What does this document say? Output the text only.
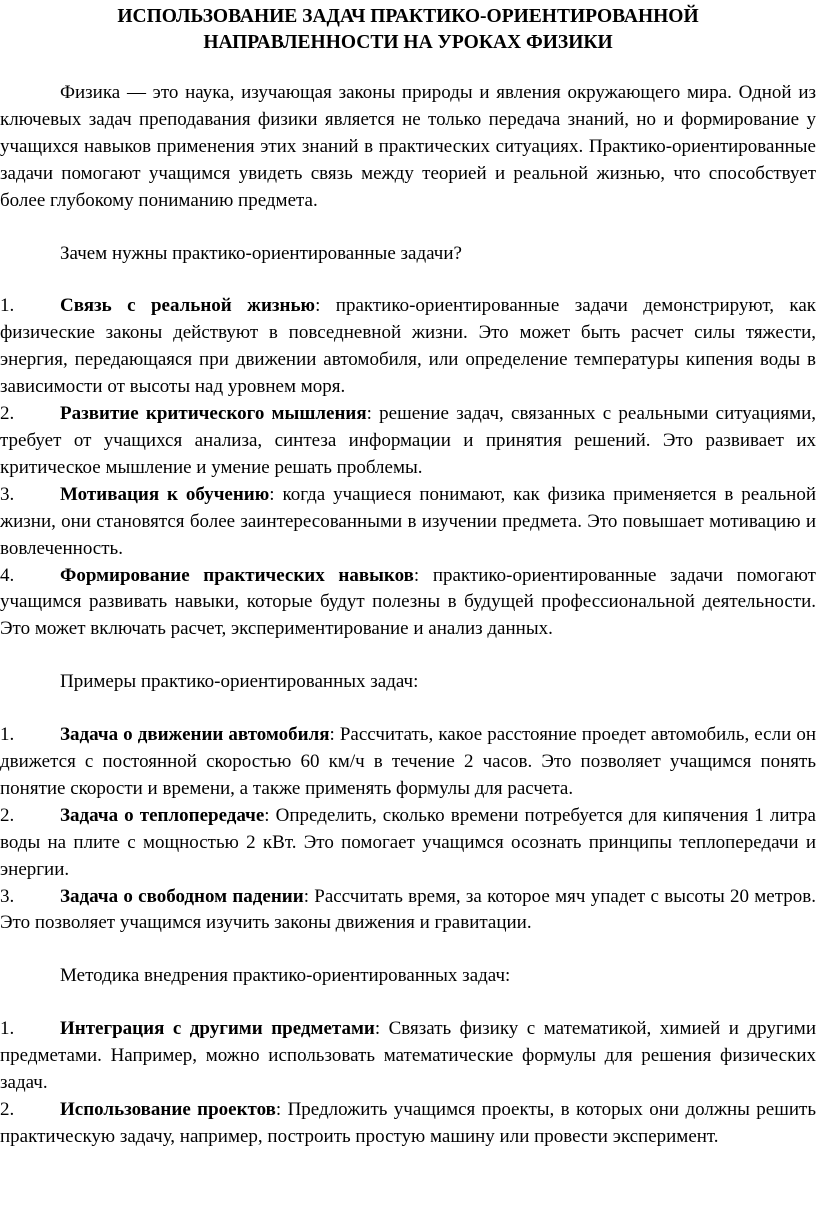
ИСПОЛЬЗОВАНИЕ ЗАДАЧ ПРАКТИКО-ОРИЕНТИРОВАННОЙ НАПРАВЛЕННОСТИ НА УРОКАХ ФИЗИКИ

Физика — это наука, изучающая законы природы и явления окружающего мира. Одной из ключевых задач преподавания физики является не только передача знаний, но и формирование у учащихся навыков применения этих знаний в практических ситуациях. Практико-ориентированные задачи помогают учащимся увидеть связь между теорией и реальной жизнью, что способствует более глубокому пониманию предмета.

Зачем нужны практико-ориентированные задачи?

1. Связь с реальной жизнью: практико-ориентированные задачи демонстрируют, как физические законы действуют в повседневной жизни. Это может быть расчет силы тяжести, энергия, передающаяся при движении автомобиля, или определение температуры кипения воды в зависимости от высоты над уровнем моря.

2. Развитие критического мышления: решение задач, связанных с реальными ситуациями, требует от учащихся анализа, синтеза информации и принятия решений. Это развивает их критическое мышление и умение решать проблемы.

3. Мотивация к обучению: когда учащиеся понимают, как физика применяется в реальной жизни, они становятся более заинтересованными в изучении предмета. Это повышает мотивацию и вовлеченность.

4. Формирование практических навыков: практико-ориентированные задачи помогают учащимся развивать навыки, которые будут полезны в будущей профессиональной деятельности. Это может включать расчет, экспериментирование и анализ данных.

Примеры практико-ориентированных задач:

1. Задача о движении автомобиля: Рассчитать, какое расстояние проедет автомобиль, если он движется с постоянной скоростью 60 км/ч в течение 2 часов. Это позволяет учащимся понять понятие скорости и времени, а также применять формулы для расчета.

2. Задача о теплопередаче: Определить, сколько времени потребуется для кипячения 1 литра воды на плите с мощностью 2 кВт. Это помогает учащимся осознать принципы теплопередачи и энергии.

3. Задача о свободном падении: Рассчитать время, за которое мяч упадет с высоты 20 метров. Это позволяет учащимся изучить законы движения и гравитации.

Методика внедрения практико-ориентированных задач:

1. Интеграция с другими предметами: Связать физику с математикой, химией и другими предметами. Например, можно использовать математические формулы для решения физических задач.

2. Использование проектов: Предложить учащимся проекты, в которых они должны решить практическую задачу, например, построить простую машину или провести эксперимент.
